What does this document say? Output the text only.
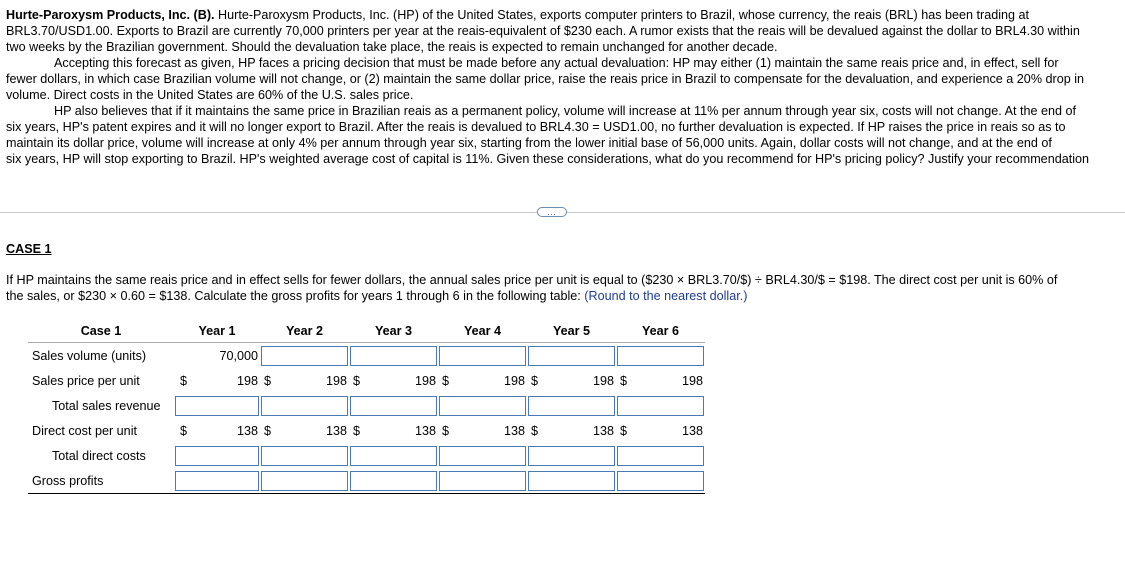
Hurte-Paroxysm Products, Inc. (B). Hurte-Paroxysm Products, Inc. (HP) of the United States, exports computer printers to Brazil, whose currency, the reais (BRL) has been trading at
BRL3.70/USD1.00. Exports to Brazil are currently 70,000 printers per year at the reais-equivalent of $230 each. A rumor exists that the reais will be devalued against the dollar to BRL4.30 within
two weeks by the Brazilian government. Should the devaluation take place, the reais is expected to remain unchanged for another decade.
Accepting this forecast as given, HP faces a pricing decision that must be made before any actual devaluation: HP may either (1) maintain the same reais price and, in effect, sell for
fewer dollars, in which case Brazilian volume will not change, or (2) maintain the same dollar price, raise the reais price in Brazil to compensate for the devaluation, and experience a 20% drop in
volume. Direct costs in the United States are 60% of the U.S. sales price.
HP also believes that if it maintains the same price in Brazilian reais as a permanent policy, volume will increase at 11% per annum through year six, costs will not change. At the end of
six years, HP's patent expires and it will no longer export to Brazil. After the reais is devalued to BRL4.30 = USD1.00, no further devaluation is expected. If HP raises the price in reais so as to
maintain its dollar price, volume will increase at only 4% per annum through year six, starting from the lower initial base of 56,000 units. Again, dollar costs will not change, and at the end of
six years, HP will stop exporting to Brazil. HP's weighted average cost of capital is 11%. Given these considerations, what do you recommend for HP's pricing policy? Justify your recommendation
…
CASE 1
If HP maintains the same reais price and in effect sells for fewer dollars, the annual sales price per unit is equal to ($230 × BRL3.70/$) ÷ BRL4.30/$ = $198. The direct cost per unit is 60% of
the sales, or $230 × 0.60 = $138. Calculate the gross profits for years 1 through 6 in the following table: (Round to the nearest dollar.)
Case 1	Year 1		Year 2		Year 3		Year 4		Year 5		Year 6	
Sales volume (units)	70,000							

Sales price per unit	$	198	$	198	$	198	$	198	$	198	$	198
Total sales revenue							

Direct cost per unit	$	138	$	138	$	138	$	138	$	138	$	138
Total direct costs							

Gross profits							
